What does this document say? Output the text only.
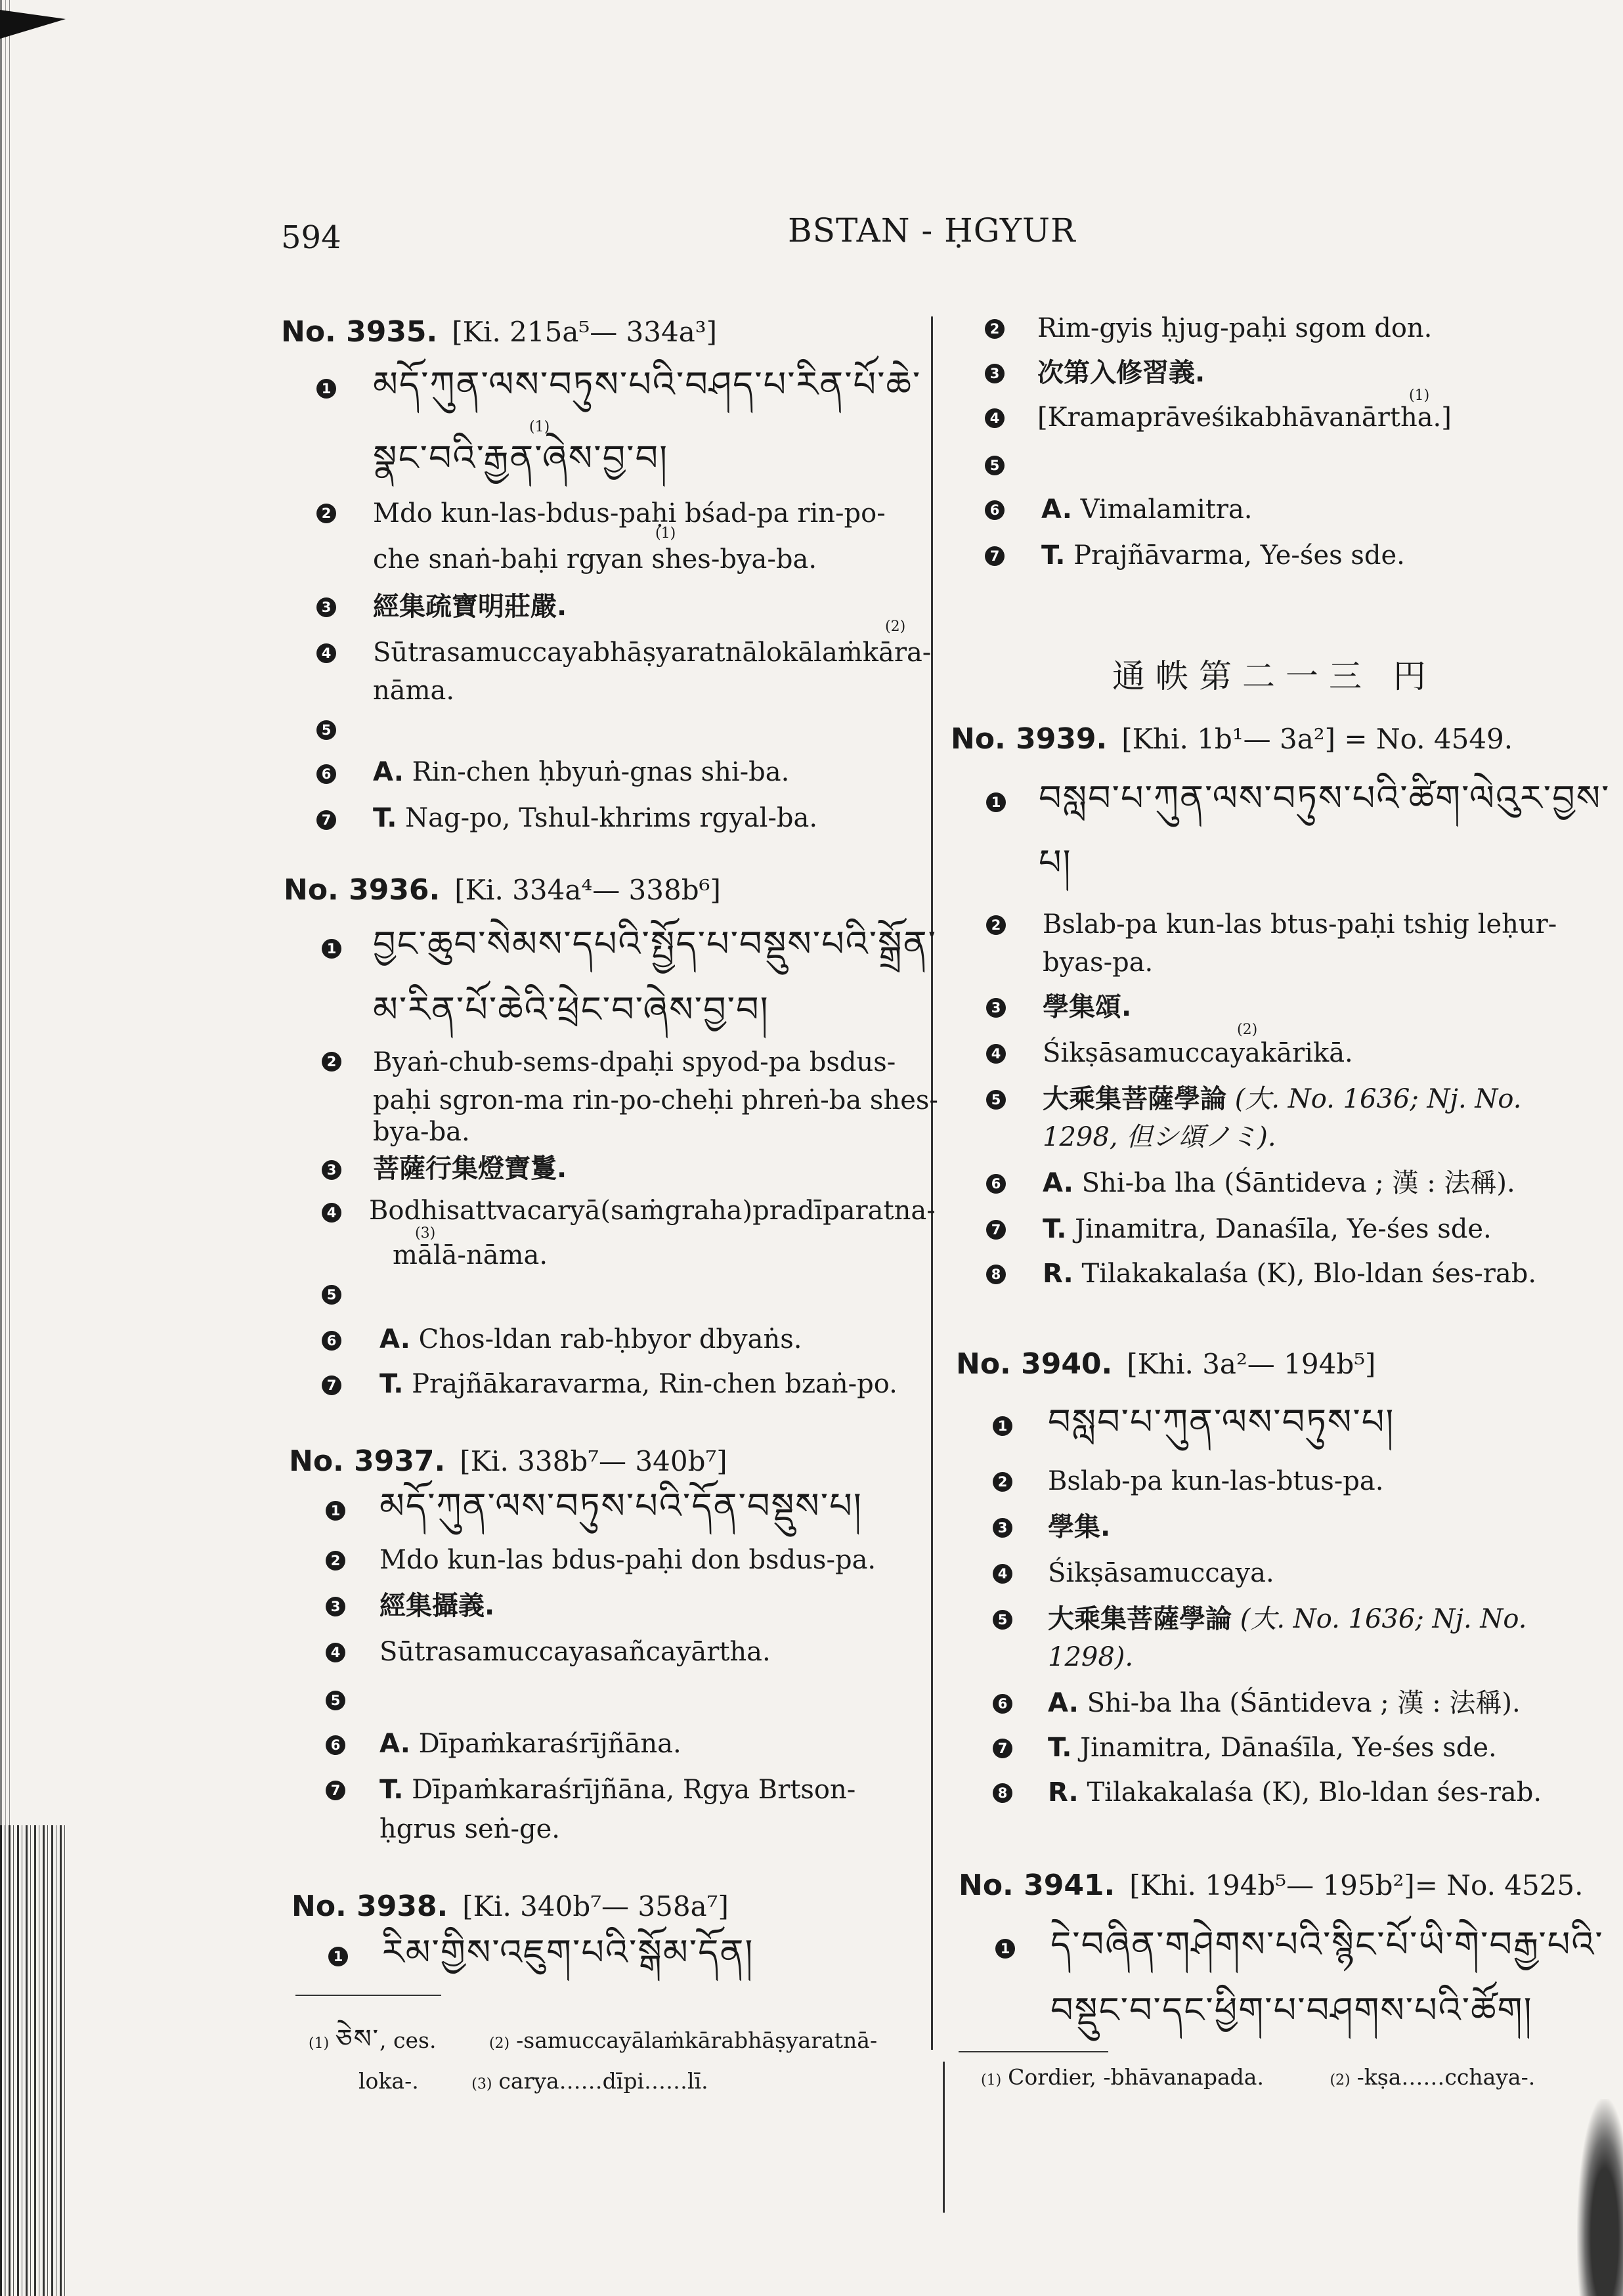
594	BSTAN - ḤGYUR
No. 3935. [Ki. 215a⁵— 334a³]
1 མདོ་ཀུན་ལས་བཏུས་པའི་བཤད་པ་རིན་པོ་ཆེ་
སྣང་བའི་རྒྱན་ཞེས་བྱ་བ།
(1)
2 Mdo kun-las-bdus-paḥi bśad-pa rin-po-
(1)
che snaṅ-baḥi rgyan shes-bya-ba.
3 經集疏寶明莊嚴.
(2)
4 Sūtrasamuccayabhāṣyaratnālokālaṁkāra-
nāma.
5
6 A. Rin-chen ḥbyuṅ-gnas shi-ba.
7 T. Nag-po, Tshul-khrims rgyal-ba.
No. 3936. [Ki. 334a⁴— 338b⁶]
1 བྱང་ཆུབ་སེམས་དཔའི་སྤྱོད་པ་བསྡུས་པའི་སྒྲོན་
མ་རིན་པོ་ཆེའི་ཕྲེང་བ་ཞེས་བྱ་བ།
2 Byaṅ-chub-sems-dpaḥi spyod-pa bsdus-
paḥi sgron-ma rin-po-cheḥi phreṅ-ba shes-
bya-ba.
3 菩薩行集燈寶鬘.
4 Bodhisattvacaryā(saṁgraha)pradīparatna-
(3)
mālā-nāma.
5
6 A. Chos-ldan rab-ḥbyor dbyaṅs.
7 T. Prajñākaravarma, Rin-chen bzaṅ-po.
No. 3937. [Ki. 338b⁷— 340b⁷]
1 མདོ་ཀུན་ལས་བཏུས་པའི་དོན་བསྡུས་པ།
2 Mdo kun-las bdus-paḥi don bsdus-pa.
3 經集攝義.
4 Sūtrasamuccayasañcayārtha.
5
6 A. Dīpaṁkaraśrījñāna.
7 T. Dīpaṁkaraśrījñāna, Rgya Brtson-
ḥgrus seṅ-ge.
No. 3938. [Ki. 340b⁷— 358a⁷]
1 རིམ་གྱིས་འཇུག་པའི་སྒོམ་དོན།
(1) ཅེས་, ces.	(2) -samuccayālaṁkārabhāṣyaratnā-
loka-.	(3) carya……dīpi……lī.
2 Rim-gyis ḥjug-paḥi sgom don.
3 次第入修習義.
(1)
4 [Kramaprāveśikabhāvanārtha.]
5
6 A. Vimalamitra.
7 T. Prajñāvarma, Ye-śes sde.
通帙第二一三 円
No. 3939. [Khi. 1b¹— 3a²] = No. 4549.
1 བསླབ་པ་ཀུན་ལས་བཏུས་པའི་ཚིག་ལེའུར་བྱས་
པ།
2 Bslab-pa kun-las btus-paḥi tshig leḥur-
byas-pa.
3 學集頌.
(2)
4 Śikṣāsamuccayakārikā.
5 大乘集菩薩學論 (大. No. 1636; Nj. No.
1298, 但シ頌ノミ).
6 A. Shi-ba lha (Śāntideva ; 漢 : 法稱).
7 T. Jinamitra, Danaśīla, Ye-śes sde.
8 R. Tilakakalaśa (K), Blo-ldan śes-rab.
No. 3940. [Khi. 3a²— 194b⁵]
1 བསླབ་པ་ཀུན་ལས་བཏུས་པ།
2 Bslab-pa kun-las-btus-pa.
3 學集.
4 Śikṣāsamuccaya.
5 大乘集菩薩學論 (大. No. 1636; Nj. No.
1298).
6 A. Shi-ba lha (Śāntideva ; 漢 : 法稱).
7 T. Jinamitra, Dānaśīla, Ye-śes sde.
8 R. Tilakakalaśa (K), Blo-ldan śes-rab.
No. 3941. [Khi. 194b⁵— 195b²]= No. 4525.
1 དེ་བཞིན་གཤེགས་པའི་སྙིང་པོ་ཡི་གེ་བརྒྱ་པའི་
བསྡུང་བ་དང་ཕྱིག་པ་བཤགས་པའི་ཚོག།
(1) Cordier, -bhāvanapada.	(2) -kṣa……cchaya-.
